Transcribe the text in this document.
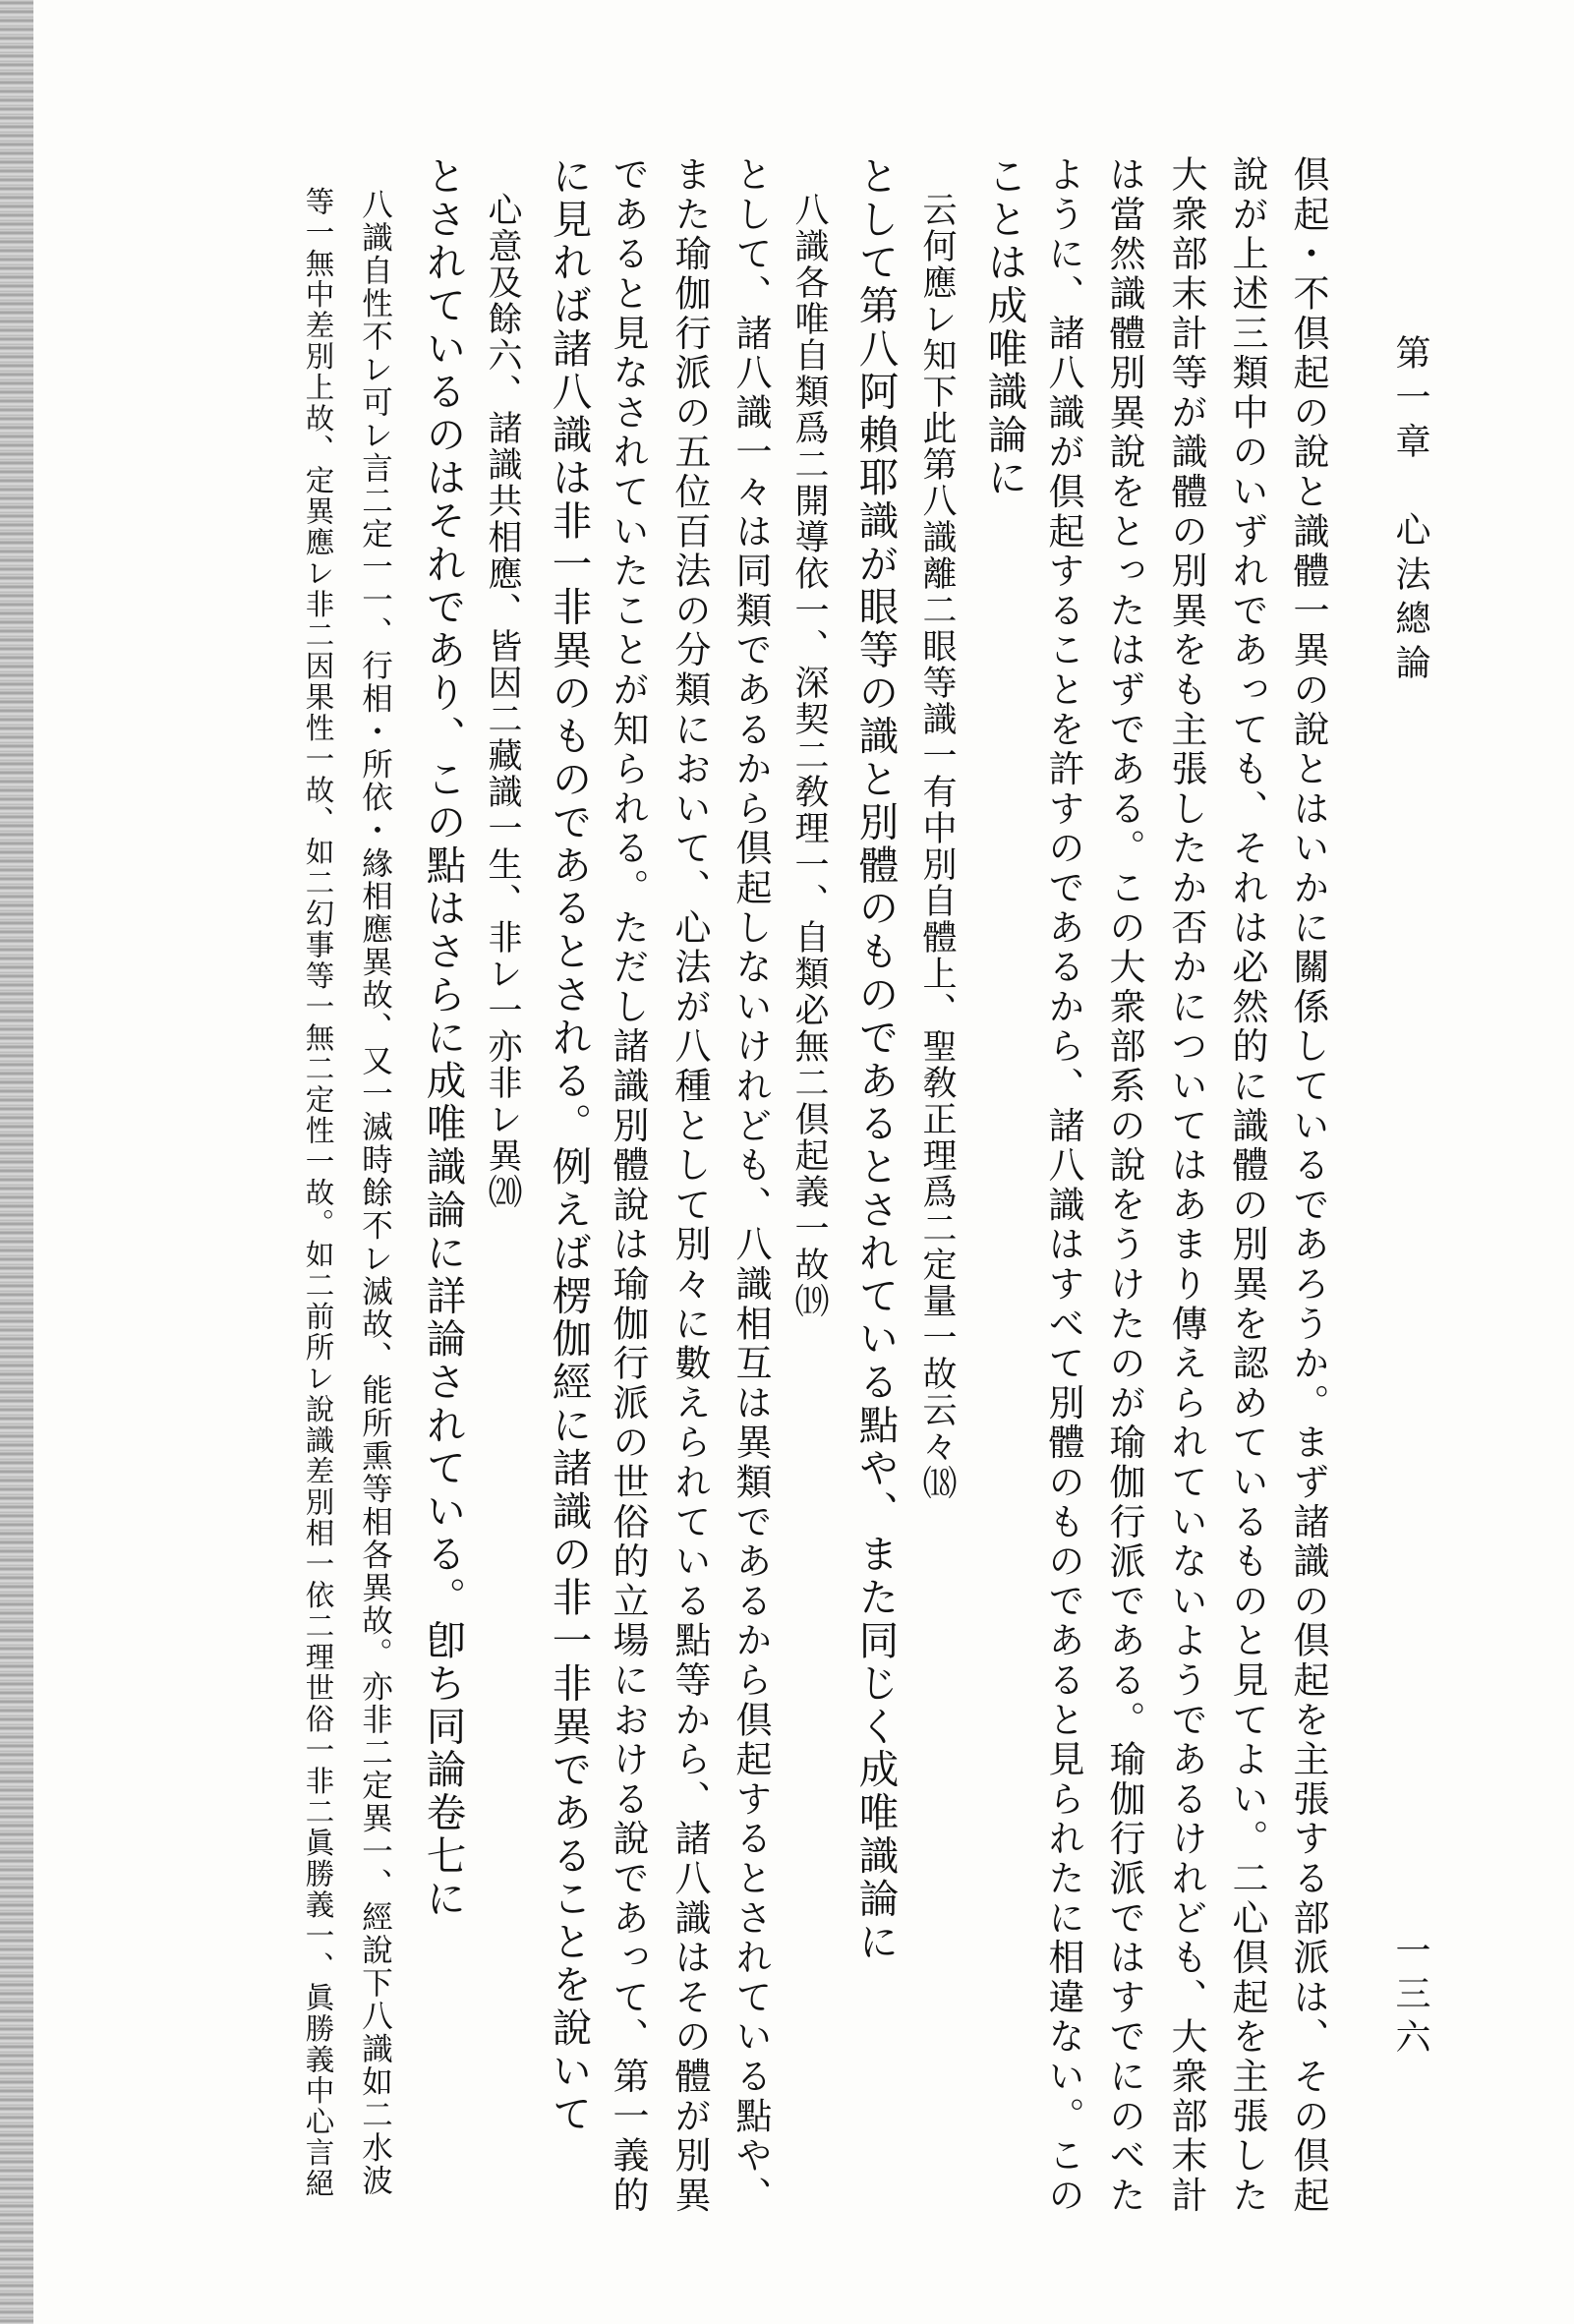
第一章　心法總論
一三六
倶起・不倶起の說と識體一異の說とはいかに關係しているであろうか。まず諸識の倶起を主張する部派は、その倶起
說が上述三類中のいずれであっても、それは必然的に識體の別異を認めているものと見てよい。二心倶起を主張した
大衆部末計等が識體の別異をも主張したか否かについてはあまり傳えられていないようであるけれども、大衆部末計
は當然識體別異說をとったはずである。この大衆部系の說をうけたのが瑜伽行派である。瑜伽行派ではすでにのべた
ように、諸八識が倶起することを許すのであるから、諸八識はすべて別體のものであると見られたに相違ない。この
ことは成唯識論に
　云何應レ知下此第八識離二眼等識一有中別自體上、聖敎正理爲二定量一故云々⒅
として第八阿賴耶識が眼等の識と別體のものであるとされている點や、また同じく成唯識論に
　八識各唯自類爲二開導依一、深契二敎理一、自類必無二倶起義一故⒆
として、諸八識一々は同類であるから倶起しないけれども、八識相互は異類であるから倶起するとされている點や、
また瑜伽行派の五位百法の分類において、心法が八種として別々に數えられている點等から、諸八識はその體が別異
であると見なされていたことが知られる。ただし諸識別體說は瑜伽行派の世俗的立場における說であって、第一義的
に見れば諸八識は非一非異のものであるとされる。例えば楞伽經に諸識の非一非異であることを說いて
　心意及餘六、諸識共相應、皆因二藏識一生、非レ一亦非レ異⒇
とされているのはそれであり、この點はさらに成唯識論に詳論されている。卽ち同論卷七に
　八識自性不レ可レ言二定一一、行相・所依・緣相應異故、又一滅時餘不レ滅故、能所熏等相各異故。亦非二定異一、經說下八識如二水波
　等一無中差別上故、定異應レ非二因果性一故、如二幻事等一無二定性一故。如二前所レ說識差別相一依二理世俗一非二眞勝義一、眞勝義中心言絕
